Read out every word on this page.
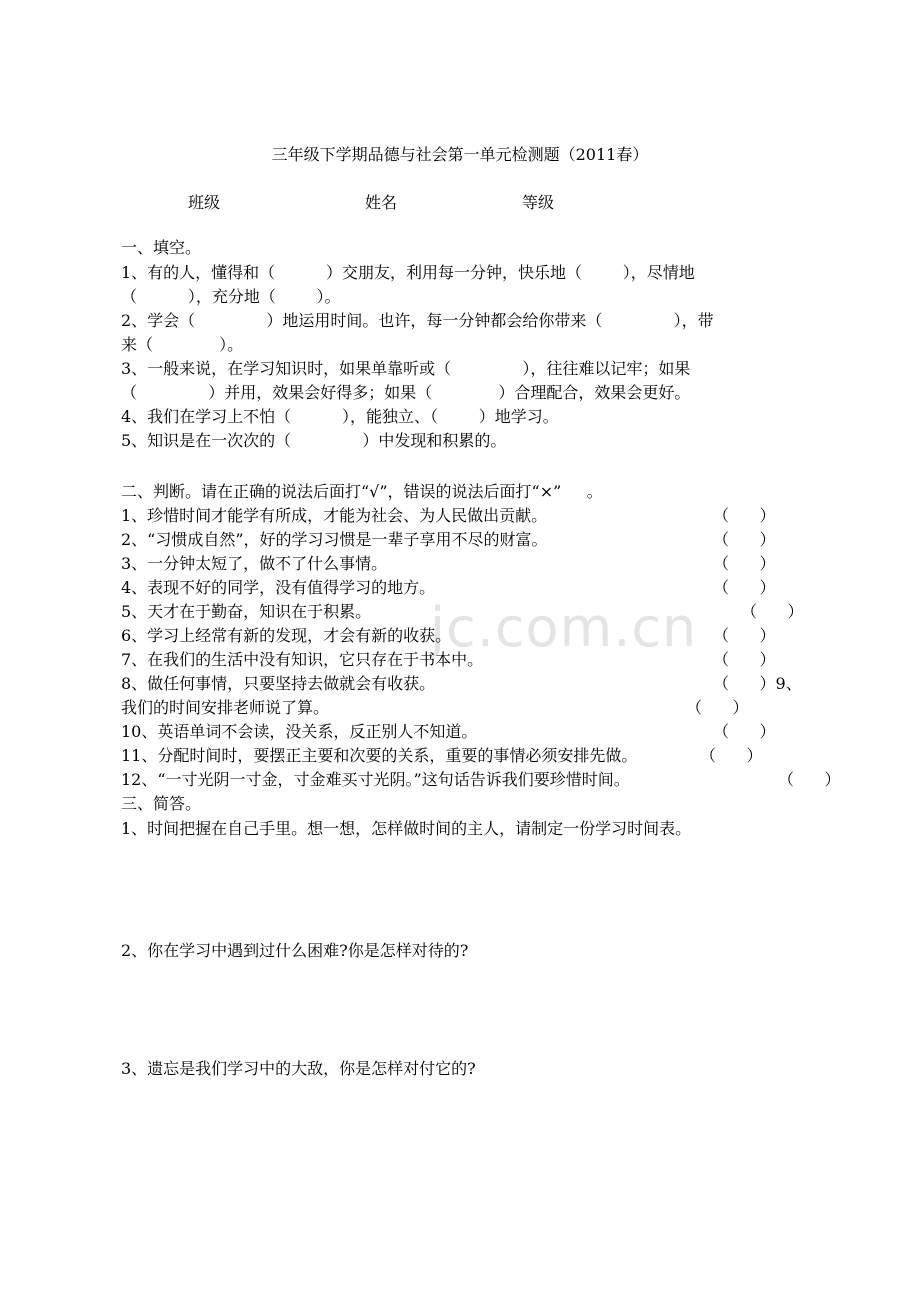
jc.com.cn
三年级下学期品德与社会第一单元检测题（2011春）
班级	姓名	等级
一、填空。
1、有的人，懂得和（          ）交朋友，利用每一分钟，快乐地（        ），尽情地
（          ），充分地（        ）。
2、学会（              ）地运用时间。也许，每一分钟都会给你带来（              ），带
来（             ）。
3、一般来说，在学习知识时，如果单靠听或（              ），往往难以记牢；如果
（              ）并用，效果会好得多；如果（             ）合理配合，效果会更好。
4、我们在学习上不怕（          ），能独立、（        ）地学习。
5、知识是在一次次的（              ）中发现和积累的。
二、判断。请在正确的说法后面打“√”，错误的说法后面打“×”     。
1、珍惜时间才能学有所成，才能为社会、为人民做出贡献。	（      ）
2、“习惯成自然”，好的学习习惯是一辈子享用不尽的财富。	（      ）
3、一分钟太短了，做不了什么事情。	（      ）
4、表现不好的同学，没有值得学习的地方。	（      ）
5、天才在于勤奋，知识在于积累。	（      ）
6、学习上经常有新的发现，才会有新的收获。	（      ）
7、在我们的生活中没有知识，它只存在于书本中。	（      ）
8、做任何事情，只要坚持去做就会有收获。	（      ）9、
我们的时间安排老师说了算。	（      ）
10、英语单词不会读，没关系，反正别人不知道。	（      ）
11、分配时间时，要摆正主要和次要的关系，重要的事情必须安排先做。	（      ）
12、“一寸光阴一寸金，寸金难买寸光阴。”这句话告诉我们要珍惜时间。	（      ）
三、简答。
1、时间把握在自己手里。想一想，怎样做时间的主人，请制定一份学习时间表。
2、你在学习中遇到过什么困难?你是怎样对待的?
3、遗忘是我们学习中的大敌，你是怎样对付它的?
